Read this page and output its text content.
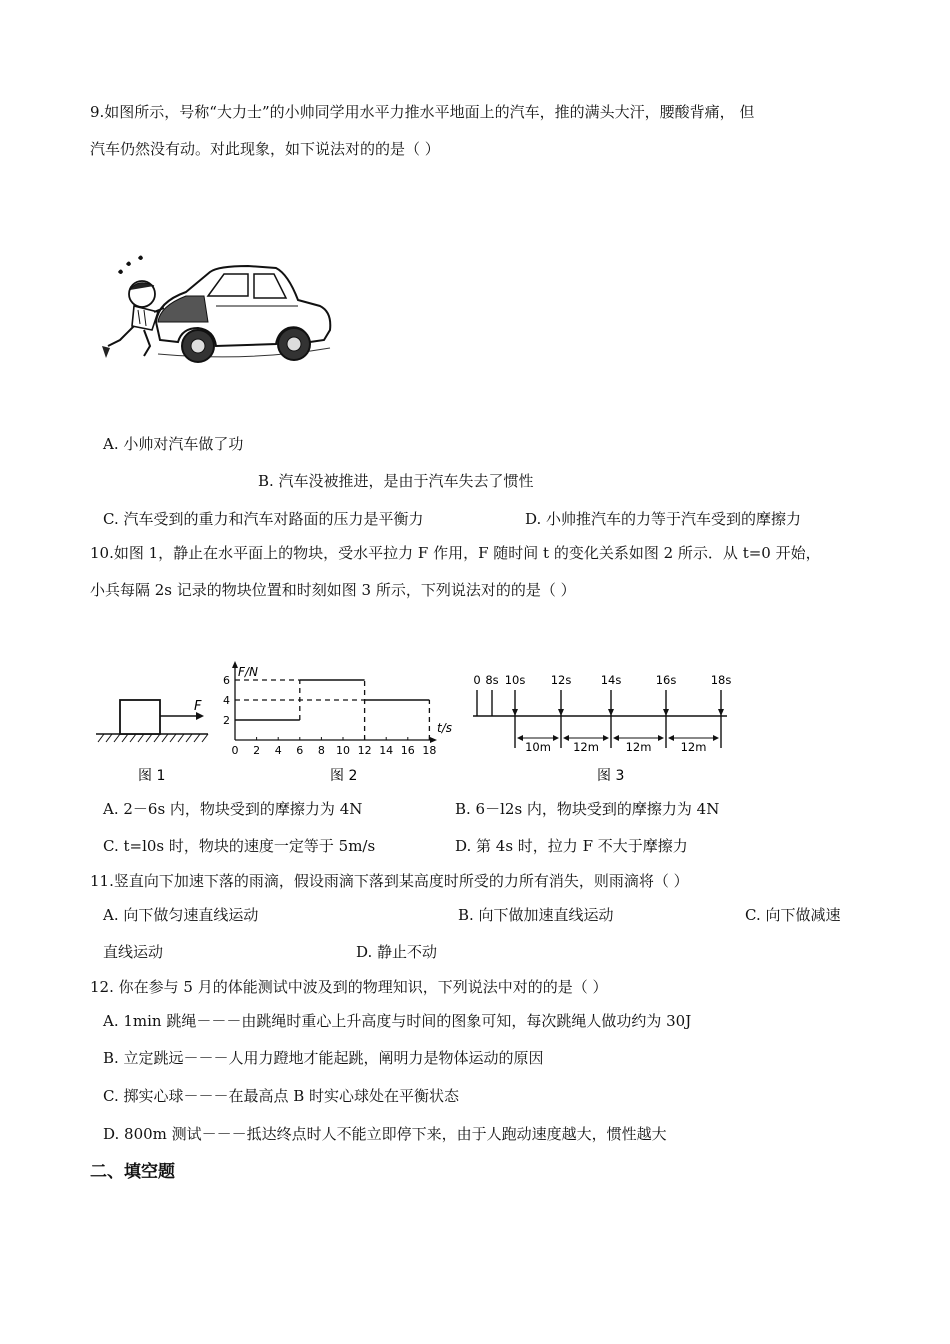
9.如图所示，号称“大力士”的小帅同学用水平力推水平地面上的汽车，推的满头大汗，腰酸背痛， 但
汽车仍然没有动。对此现象，如下说法对的的是（ ）
A. 小帅对汽车做了功
B. 汽车没被推进，是由于汽车失去了惯性
C. 汽车受到的重力和汽车对路面的压力是平衡力	D. 小帅推汽车的力等于汽车受到的摩擦力
10.如图 1，静止在水平面上的物块，受水平拉力 F 作用，F 随时间 t 的变化关系如图 2 所示．从 t=0 开始，
小兵每隔 2s 记录的物块位置和时刻如图 3 所示，下列说法对的的是（ ）
F
图 1
0 2 4 6 8 10 12 14 16 18
2
4
6
F/N
t/s
图 2
0 8s 10s 12s	14s	16s	18s
10m 12m 12m	12m
图 3
A. 2－6s 内，物块受到的摩擦力为 4N	B. 6－l2s 内，物块受到的摩擦力为 4N
C. t=l0s 时，物块的速度一定等于 5m/s	D. 第 4s 时，拉力 F 不大于摩擦力
11.竖直向下加速下落的雨滴，假设雨滴下落到某高度时所受的力所有消失，则雨滴将（ ）
A. 向下做匀速直线运动	B. 向下做加速直线运动	C. 向下做减速
直线运动	D. 静止不动
12. 你在参与 5 月的体能测试中波及到的物理知识，下列说法中对的的是（ ）
A. 1min 跳绳－－－由跳绳时重心上升高度与时间的图象可知，每次跳绳人做功约为 30J
B. 立定跳远－－－人用力蹬地才能起跳，阐明力是物体运动的原因
C. 掷实心球－－－在最高点 B 时实心球处在平衡状态
D. 800m 测试－－－抵达终点时人不能立即停下来，由于人跑动速度越大，惯性越大
二、填空题
